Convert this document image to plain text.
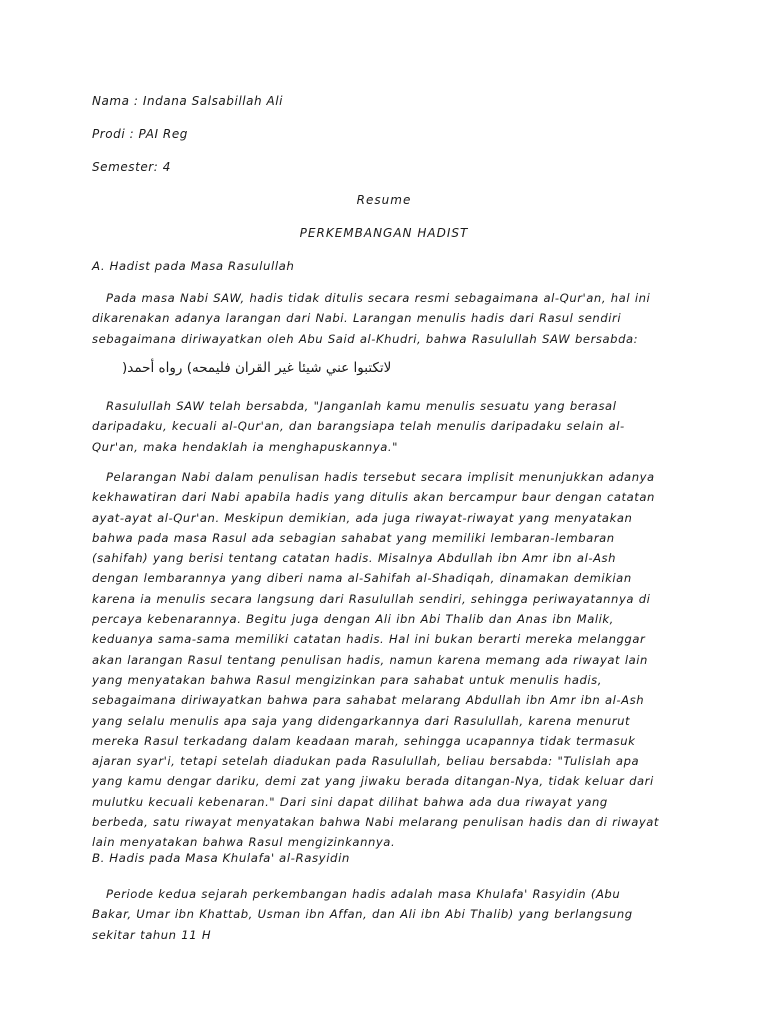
Nama : Indana Salsabillah Ali
Prodi : PAI Reg
Semester: 4
Resume
PERKEMBANGAN HADIST
A. Hadist pada Masa Rasulullah
Pada masa Nabi SAW, hadis tidak ditulis secara resmi sebagaimana al-Qur'an, hal ini dikarenakan adanya larangan dari Nabi. Larangan menulis hadis dari Rasul sendiri sebagaimana diriwayatkan oleh Abu Said al-Khudri, bahwa Rasulullah SAW bersabda:
لاتكتبوا عني شيئا غير القران فليمحه) رواه أحمد(
Rasulullah SAW telah bersabda, "Janganlah kamu menulis sesuatu yang berasal daripadaku, kecuali al-Qur'an, dan barangsiapa telah menulis daripadaku selain al-Qur'an, maka hendaklah ia menghapuskannya."
Pelarangan Nabi dalam penulisan hadis tersebut secara implisit menunjukkan adanya kekhawatiran dari Nabi apabila hadis yang ditulis akan bercampur baur dengan catatan ayat-ayat al-Qur'an. Meskipun demikian, ada juga riwayat-riwayat yang menyatakan bahwa pada masa Rasul ada sebagian sahabat yang memiliki lembaran-lembaran (sahifah) yang berisi tentang catatan hadis. Misalnya Abdullah ibn Amr ibn al-Ash dengan lembarannya yang diberi nama al-Sahifah al-Shadiqah, dinamakan demikian karena ia menulis secara langsung dari Rasulullah sendiri, sehingga periwayatannya di percaya kebenarannya. Begitu juga dengan Ali ibn Abi Thalib dan Anas ibn Malik, keduanya sama-sama memiliki catatan hadis. Hal ini bukan berarti mereka melanggar akan larangan Rasul tentang penulisan hadis, namun karena memang ada riwayat lain yang menyatakan bahwa Rasul mengizinkan para sahabat untuk menulis hadis, sebagaimana diriwayatkan bahwa para sahabat melarang Abdullah ibn Amr ibn al-Ash yang selalu menulis apa saja yang didengarkannya dari Rasulullah, karena menurut mereka Rasul terkadang dalam keadaan marah, sehingga ucapannya tidak termasuk ajaran syar'i, tetapi setelah diadukan pada Rasulullah, beliau bersabda: "Tulislah apa yang kamu dengar dariku, demi zat yang jiwaku berada ditangan-Nya, tidak keluar dari mulutku kecuali kebenaran." Dari sini dapat dilihat bahwa ada dua riwayat yang berbeda, satu riwayat menyatakan bahwa Nabi melarang penulisan hadis dan di riwayat lain menyatakan bahwa Rasul mengizinkannya.
B. Hadis pada Masa Khulafa' al-Rasyidin
Periode kedua sejarah perkembangan hadis adalah masa Khulafa' Rasyidin (Abu Bakar, Umar ibn Khattab, Usman ibn Affan, dan Ali ibn Abi Thalib) yang berlangsung sekitar tahun 11 H
